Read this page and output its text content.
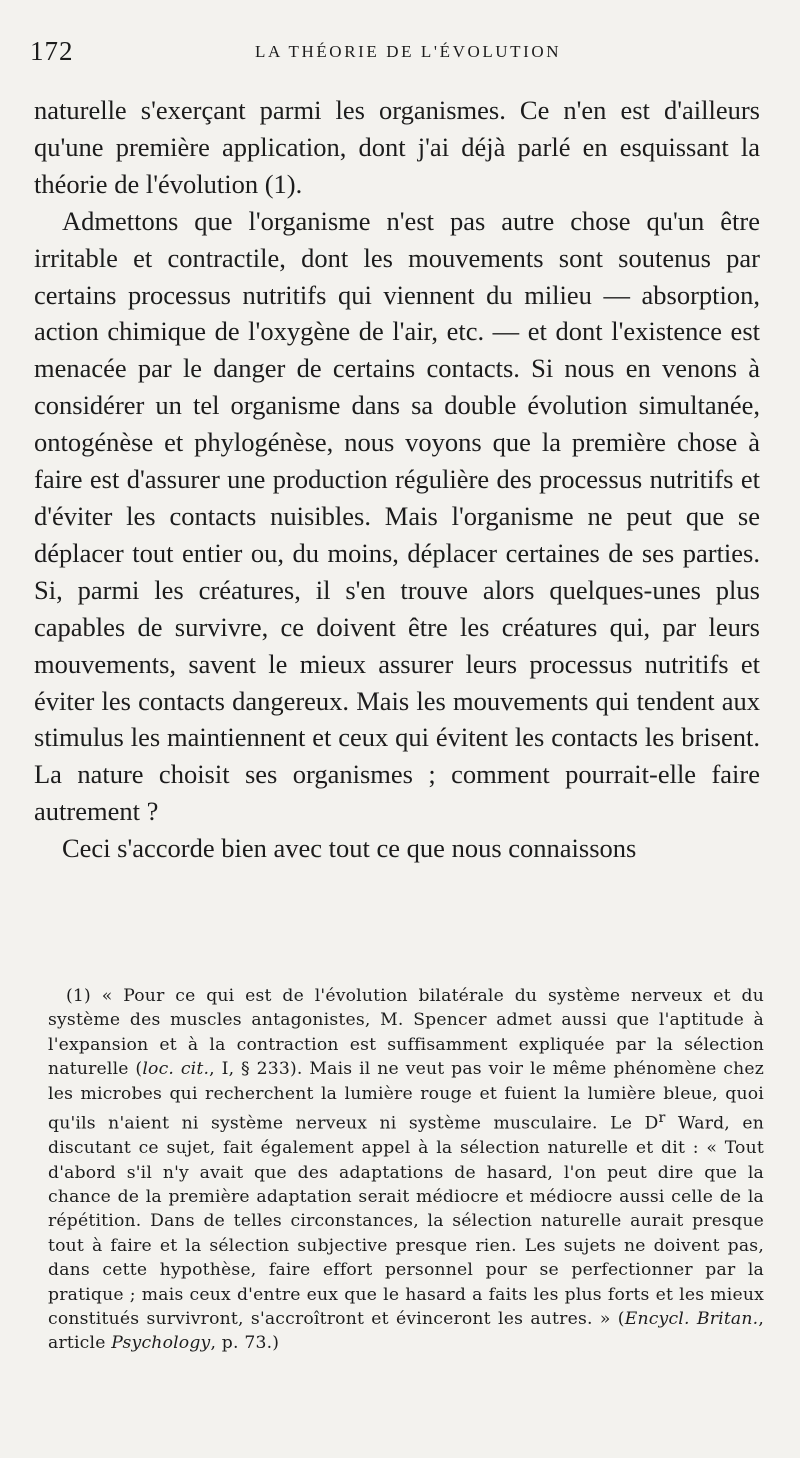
172	LA THÉORIE DE L'ÉVOLUTION

naturelle s'exerçant parmi les organismes. Ce n'en est d'ailleurs qu'une première application, dont j'ai déjà parlé en esquissant la théorie de l'évolution (1).

Admettons que l'organisme n'est pas autre chose qu'un être irritable et contractile, dont les mouvements sont soutenus par certains processus nutritifs qui viennent du milieu — absorption, action chimique de l'oxygène de l'air, etc. — et dont l'existence est menacée par le danger de certains contacts. Si nous en venons à considérer un tel organisme dans sa double évolution simultanée, ontogénèse et phylogénèse, nous voyons que la première chose à faire est d'assurer une production régulière des processus nutritifs et d'éviter les contacts nuisibles. Mais l'organisme ne peut que se déplacer tout entier ou, du moins, déplacer certaines de ses parties. Si, parmi les créatures, il s'en trouve alors quelques-unes plus capables de survivre, ce doivent être les créatures qui, par leurs mouvements, savent le mieux assurer leurs processus nutritifs et éviter les contacts dangereux. Mais les mouvements qui tendent aux stimulus les maintiennent et ceux qui évitent les contacts les brisent. La nature choisit ses organismes ; comment pourrait-elle faire autrement ?

Ceci s'accorde bien avec tout ce que nous connaissons

(1) « Pour ce qui est de l'évolution bilatérale du système nerveux et du système des muscles antagonistes, M. Spencer admet aussi que l'aptitude à l'expansion et à la contraction est suffisamment expliquée par la sélection naturelle (loc. cit., I, § 233). Mais il ne veut pas voir le même phénomène chez les microbes qui recherchent la lumière rouge et fuient la lumière bleue, quoi qu'ils n'aient ni système nerveux ni système musculaire. Le $D^r$ Ward, en discutant ce sujet, fait également appel à la sélection naturelle et dit : « Tout d'abord s'il n'y avait que des adaptations de hasard, l'on peut dire que la chance de la première adaptation serait médiocre et médiocre aussi celle de la répétition. Dans de telles circonstances, la sélection naturelle aurait presque tout à faire et la sélection subjective presque rien. Les sujets ne doivent pas, dans cette hypothèse, faire effort personnel pour se perfectionner par la pratique ; mais ceux d'entre eux que le hasard a faits les plus forts et les mieux constitués survivront, s'accroîtront et évinceront les autres. » (Encycl. Britan., article Psychology, p. 73.)
